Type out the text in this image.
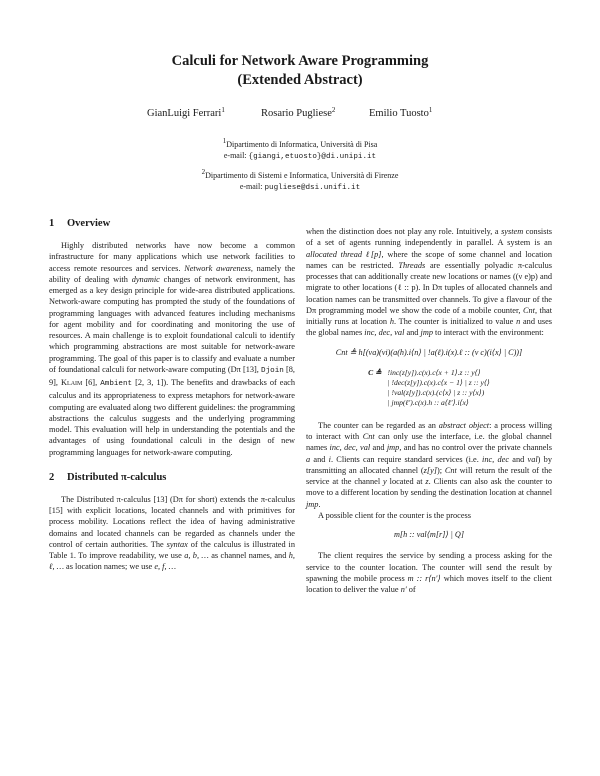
Calculi for Network Aware Programming
(Extended Abstract)
GianLuigi Ferrari$^1$	Rosario Pugliese$^2$	Emilio Tuosto$^1$
$^1$Dipartimento di Informatica, Università di Pisa
e-mail: {giangi,etuosto}@di.unipi.it
$^2$Dipartimento di Sistemi e Informatica, Università di Firenze
e-mail: pugliese@dsi.unifi.it
1 Overview

Highly distributed networks have now become a common infrastructure for many applications which use network facilities to access remote resources and services. Network awareness, namely the ability of dealing with dynamic changes of network environment, has emerged as a key design principle for wide-area distributed applications. Network-aware computing has prompted the study of the foundations of programming languages with advanced features including mechanisms for agent mobility and for coordinating and monitoring the use of resources. A main challenge is to exploit foundational calculi to identify which programming abstractions are most suitable for network-aware programming. The goal of this paper is to classify and evaluate a number of foundational calculi for network-aware computing (Dπ [13], Djoin [8, 9], Klaim [6], Ambient [2, 3, 1]). The benefits and drawbacks of each calculus and its appropriateness to express metaphors for network-aware computing are evaluated along two different guidelines: the programming abstractions the calculus suggests and the underlying programming model. This evaluation will help in understanding the potentials and the advantages of using foundational calculi in the design of new programming languages for network-aware computing.

2 Distributed π-calculus

The Distributed π-calculus [13] (Dπ for short) extends the π-calculus [15] with explicit locations, located channels and with primitives for process mobility. Locations reflect the idea of having administrative domains and located channels can be regarded as channels under the control of certain authorities. The syntax of the calculus is illustrated in Table 1. To improve readability, we use a, b, … as channel names, and h, ℓ, … as location names; we use e, f, …

when the distinction does not play any role. Intuitively, a system consists of a set of agents running independently in parallel. A system is an allocated thread ℓ[p], where the scope of some channel and location names can be restricted. Threads are essentially polyadic π-calculus processes that can additionally create new locations or names ((ν e)p) and migrate to other locations (ℓ :: p). In Dπ tuples of allocated channels and location names can be transmitted over channels. To give a flavour of the Dπ programming model we show the code of a mobile counter, Cnt, that initially runs at location h. The counter is initialized to value n and uses the global names inc, dec, val and jmp to interact with the environment:

Cnt ≜ h[(νa)(νi)(a(h).i⟨n⟩ | !a(ℓ).i(x).ℓ :: (ν c)(i⟨x⟩ | C))]
C ≜ !inc(z[y]).c(x).c⟨x + 1⟩.z :: y⟨⟩
| !dec(z[y]).c(x).c⟨x − 1⟩ | z :: y⟨⟩
| !val(z[y]).c(x).(c⟨x⟩ | z :: y⟨x⟩)
| jmp(ℓ′).c(x).h :: a⟨ℓ′⟩.i⟨x⟩

The counter can be regarded as an abstract object: a process willing to interact with Cnt can only use the interface, i.e. the global channel names inc, dec, val and jmp, and has no control over the private channels a and i. Clients can require standard services (i.e. inc, dec and val) by transmitting an allocated channel (z[y]); Cnt will return the result of the service at the channel y located at z. Clients can also ask the counter to move to a different location by sending the destination location at channel jmp.

A possible client for the counter is the process

m[h :: val⟨m[r]⟩ | Q]

The client requires the service by sending a process asking for the service to the counter location. The counter will send the result by spawning the mobile process m :: r⟨n′⟩ which moves itself to the client location to deliver the value n′ of
